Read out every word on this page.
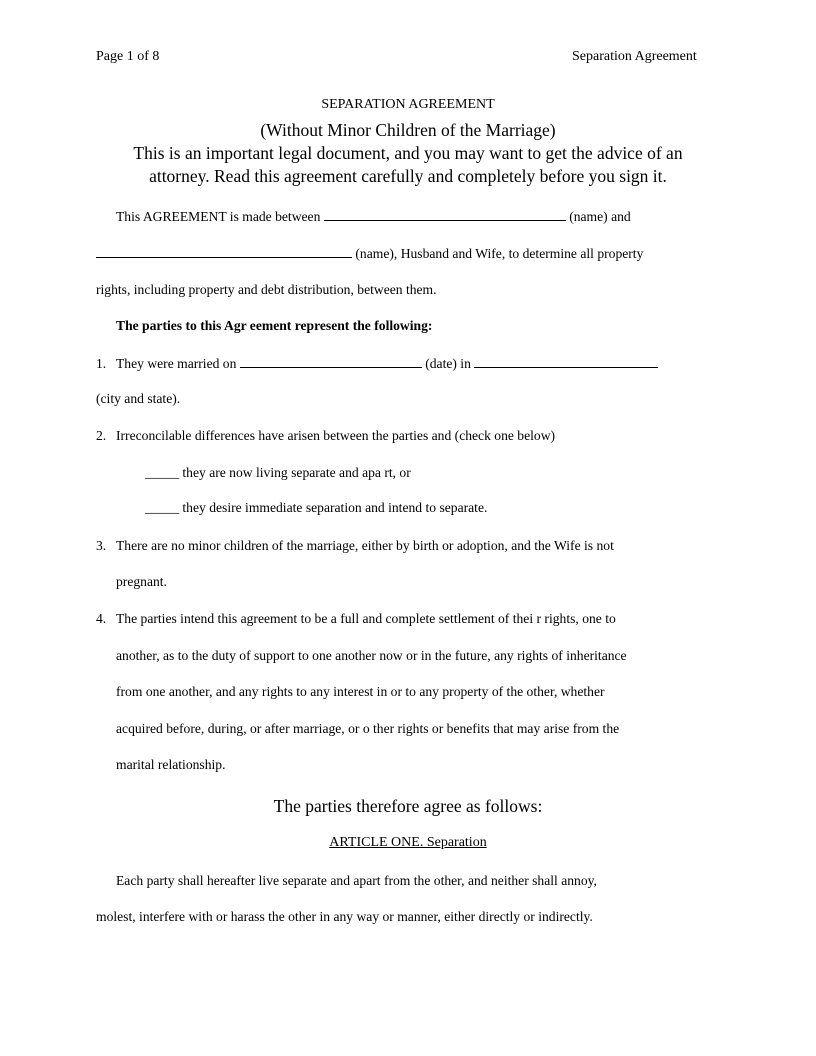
Page 1 of 8	Separation Agreement
SEPARATION AGREEMENT
(Without Minor Children of the Marriage)
This is an important legal document, and you may want to get the advice of an
attorney. Read this agreement carefully and completely before you sign it.
This AGREEMENT is made between	(name) and
(name), Husband and Wife, to determine all property
rights, including property and debt distribution, between them.
The parties to this Agr eement represent the following:
1. They were married on	(date) in
(city and state).
2. Irreconcilable differences have arisen between the parties and (check one below)
_____ they are now living separate and apa rt, or
_____ they desire immediate separation and intend to separate.
3. There are no minor children of the marriage, either by birth or adoption, and the Wife is not
pregnant.
4. The parties intend this agreement to be a full and complete settlement of thei r rights, one to
another, as to the duty of support to one another now or in the future, any rights of inheritance
from one another, and any rights to any interest in or to any property of the other, whether
acquired before, during, or after marriage, or o ther rights or benefits that may arise from the
marital relationship.
The parties therefore agree as follows:
ARTICLE ONE. Separation
Each party shall hereafter live separate and apart from the other, and neither shall annoy,
molest, interfere with or harass the other in any way or manner, either directly or indirectly.
